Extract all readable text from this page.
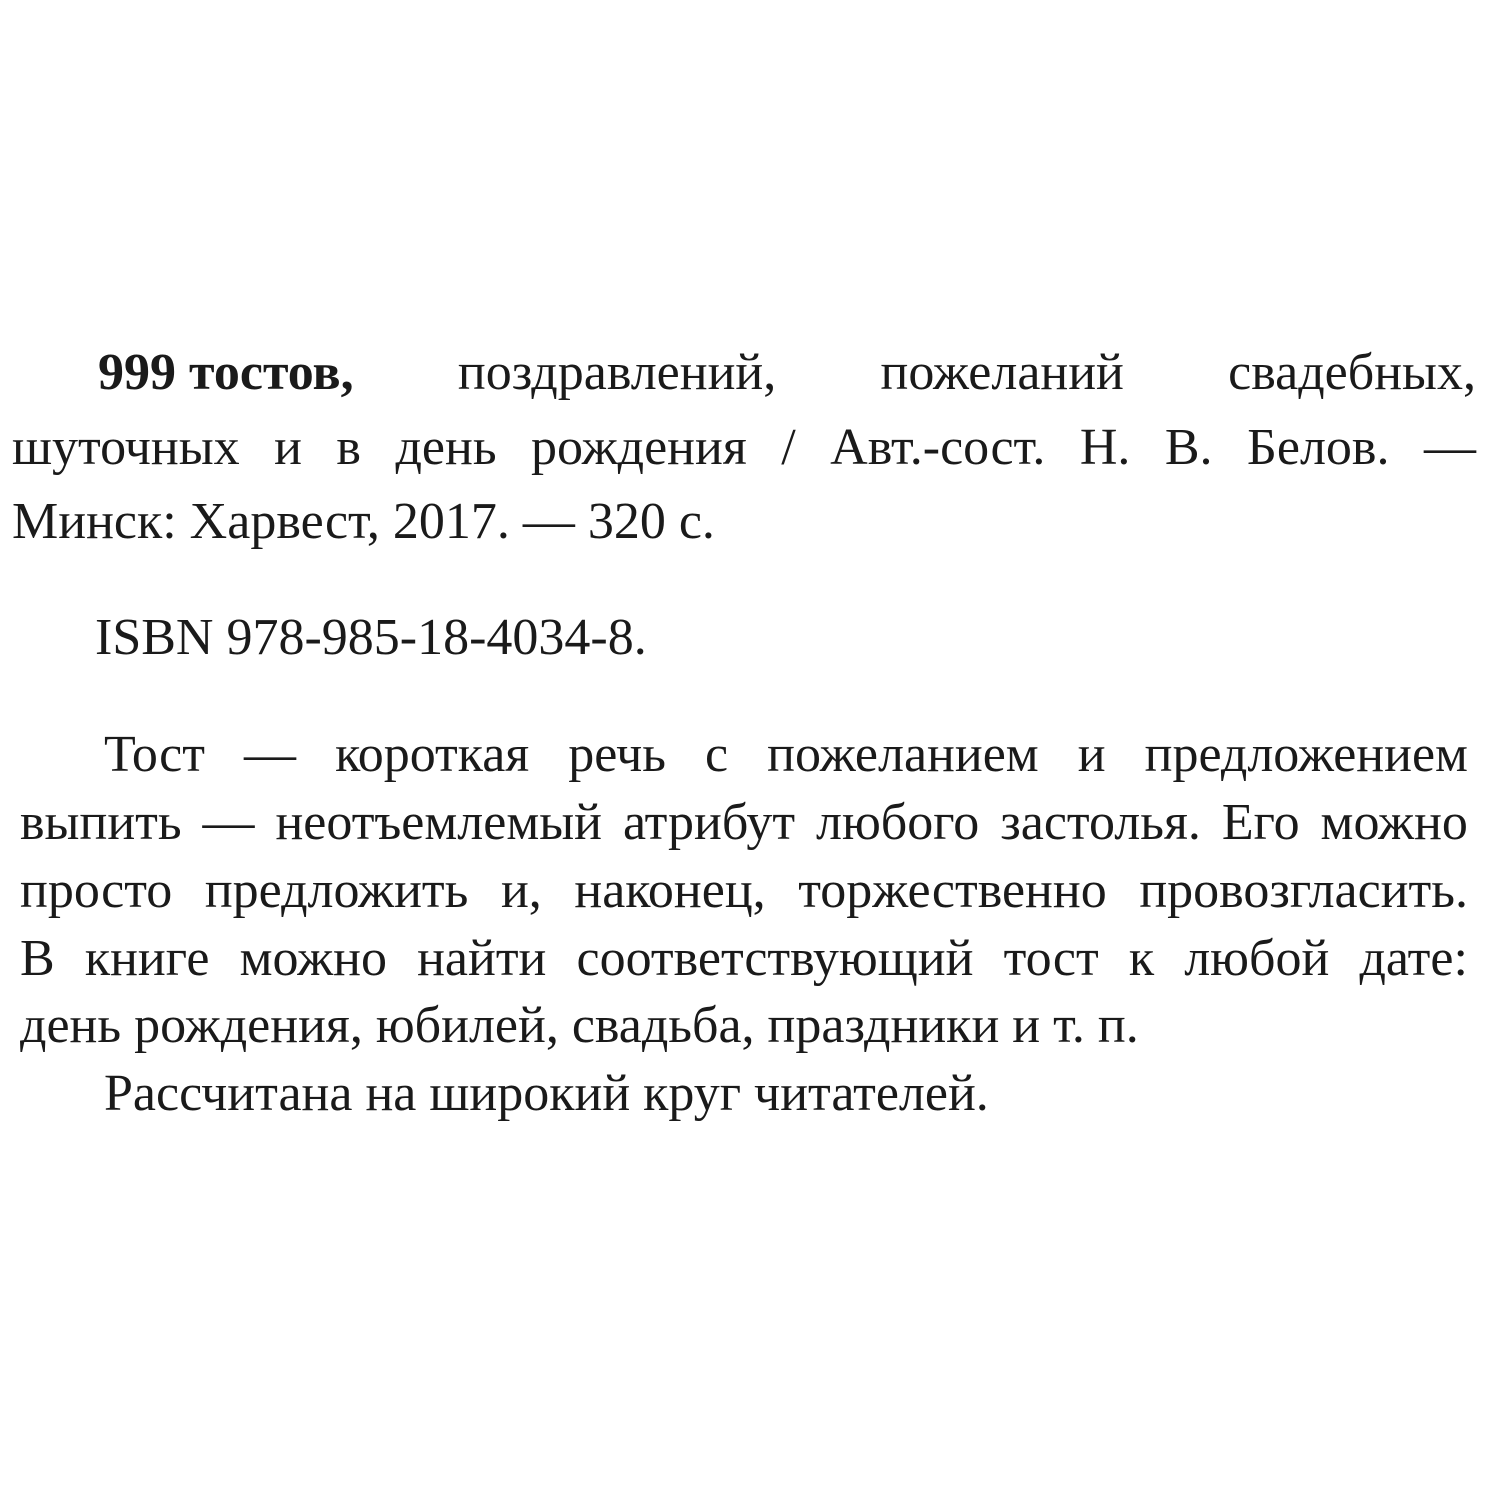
999 тостов, поздравлений, пожеланий свадебных,
шуточных и в день рождения / Авт.-сост. Н. В. Белов. —
Минск: Харвест, 2017. — 320 с.
ISBN 978-985-18-4034-8.
Тост — короткая речь с пожеланием и предложением
выпить — неотъемлемый атрибут любого застолья. Его можно
просто предложить и, наконец, торжественно провозгласить.
В книге можно найти соответствующий тост к любой дате:
день рождения, юбилей, свадьба, праздники и т. п.
Рассчитана на широкий круг читателей.
